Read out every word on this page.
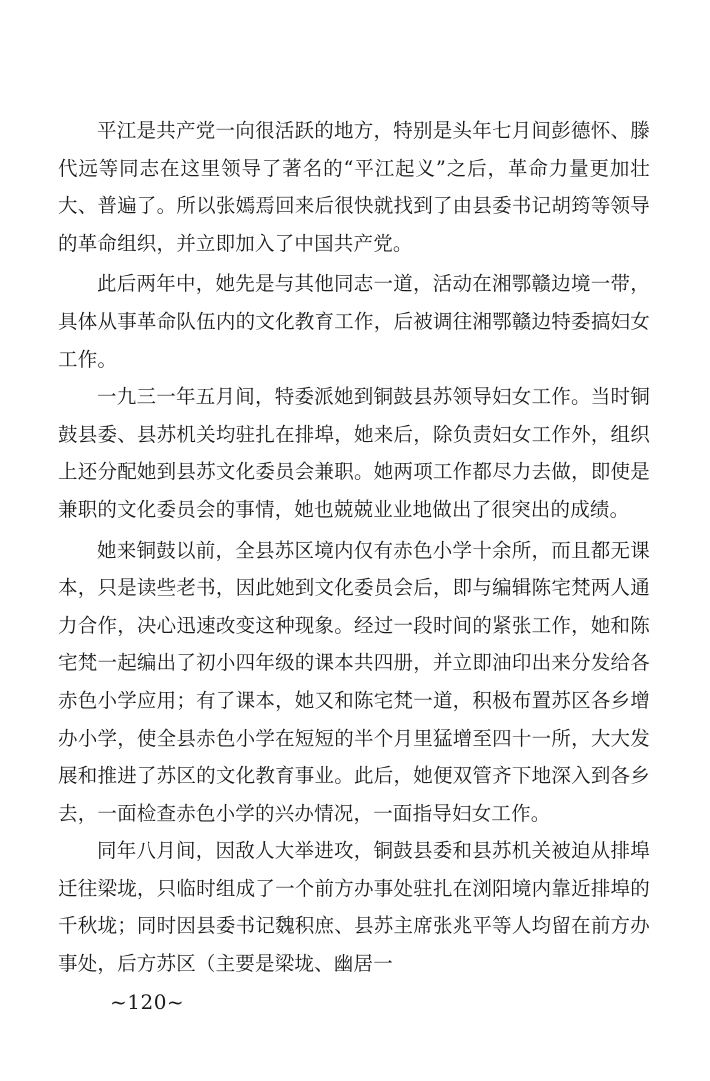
平江是共产党一向很活跃的地方，特别是头年七月间彭德怀、滕代远等同志在这里领导了著名的“平江起义”之后，革命力量更加壮大、普遍了。所以张嫣焉回来后很快就找到了由县委书记胡筠等领导的革命组织，并立即加入了中国共产党。

此后两年中，她先是与其他同志一道，活动在湘鄂赣边境一带，具体从事革命队伍内的文化教育工作，后被调往湘鄂赣边特委搞妇女工作。

一九三一年五月间，特委派她到铜鼓县苏领导妇女工作。当时铜鼓县委、县苏机关均驻扎在排埠，她来后，除负责妇女工作外，组织上还分配她到县苏文化委员会兼职。她两项工作都尽力去做，即使是兼职的文化委员会的事情，她也兢兢业业地做出了很突出的成绩。

她来铜鼓以前，全县苏区境内仅有赤色小学十余所，而且都无课本，只是读些老书，因此她到文化委员会后，即与编辑陈宅梵两人通力合作，决心迅速改变这种现象。经过一段时间的紧张工作，她和陈宅梵一起编出了初小四年级的课本共四册，并立即油印出来分发给各赤色小学应用；有了课本，她又和陈宅梵一道，积极布置苏区各乡增办小学，使全县赤色小学在短短的半个月里猛增至四十一所，大大发展和推进了苏区的文化教育事业。此后，她便双管齐下地深入到各乡去，一面检查赤色小学的兴办情况，一面指导妇女工作。

同年八月间，因敌人大举进攻，铜鼓县委和县苏机关被迫从排埠迁往梁垅，只临时组成了一个前方办事处驻扎在浏阳境内靠近排埠的千秋垅；同时因县委书记魏积庶、县苏主席张兆平等人均留在前方办事处，后方苏区（主要是梁垅、幽居一

~120~
